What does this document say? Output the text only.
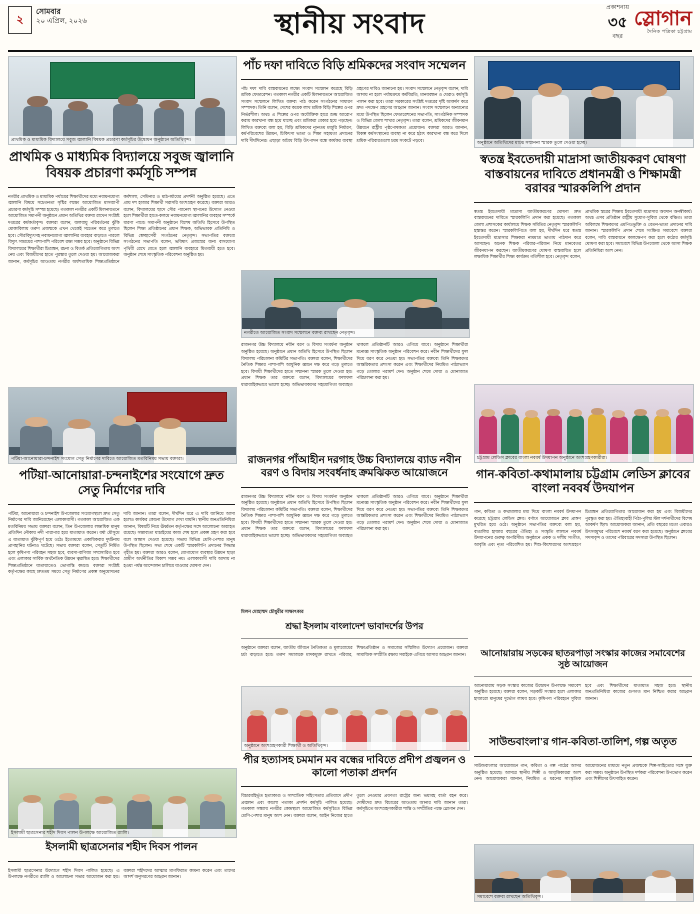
২
সোমবার
২০ এপ্রিল, ২০২৬	স্থানীয় সংবাদ
প্রকাশনায়
৩৫
বছর
স্লোগান
দৈনিক পত্রিকা চট্টগ্রাম
প্রাথমিক ও মাধ্যমিক বিদ্যালয়ে সবুজ জ্বালানি বিষয়ক প্রচারণা কর্মসূচির উদ্বোধন অনুষ্ঠানে অতিথিবৃন্দ।
প্রাথমিক ও মাধ্যমিক বিদ্যালয়ে সবুজ জ্বালানি বিষয়ক প্রচারণা কর্মসূচি সম্পন্ন
নগরীর প্রাথমিক ও মাধ্যমিক পর্যায়ের শিক্ষার্থীদের মধ্যে নবায়নযোগ্য জ্বালানি বিষয়ে সচেতনতা সৃষ্টির লক্ষ্যে আয়োজিত মাসব্যাপী প্রচারণা কর্মসূচি সম্পন্ন হয়েছে। গতকাল নগরীর একটি মিলনায়তনে আয়োজিত সমাপনী অনুষ্ঠানে প্রধান অতিথির বক্তব্য রাখেন সংশ্লিষ্ট দপ্তরের কর্মকর্তাবৃন্দ। বক্তারা বলেন, জলবায়ু পরিবর্তনের ঝুঁকি মোকাবিলায় তরুণ প্রজন্মকে এখন থেকেই সচেতন করে তুলতে হবে। সৌরবিদ্যুৎসহ নবায়নযোগ্য জ্বালানির ব্যবহার বাড়াতে পারলে বিদ্যুৎ সাশ্রয়ের পাশাপাশি পরিবেশ রক্ষা সম্ভব হবে। অনুষ্ঠানে বিভিন্ন বিদ্যালয়ের শিক্ষার্থীরা চিত্রাঙ্কন, রচনা ও বিতর্ক প্রতিযোগিতায় অংশ নেয় এবং বিজয়ীদের হাতে পুরস্কার তুলে দেওয়া হয়। আয়োজকরা জানান, কর্মসূচির আওতায় নগরীর অর্ধশতাধিক শিক্ষাপ্রতিষ্ঠানে কর্মশালা, সেমিনার ও মাঠপর্যায়ের প্রদর্শনী অনুষ্ঠিত হয়েছে। এতে প্রায় দশ হাজার শিক্ষার্থী সরাসরি অংশগ্রহণ করেছে। বক্তারা আরও বলেন, বিদ্যালয়ের ছাদে সৌর প্যানেল স্থাপনের উদ্যোগ নেওয়া হলে শিক্ষার্থীরা হাতে-কলমে নবায়নযোগ্য জ্বালানির ব্যবহার সম্পর্কে ধারণা পাবে। সমাপনী অনুষ্ঠানে বিশেষ অতিথি হিসেবে উপস্থিত ছিলেন শিক্ষা প্রতিষ্ঠানের প্রধান শিক্ষক, অভিভাবক প্রতিনিধি ও বিভিন্ন স্বেচ্ছাসেবী সংগঠনের নেতৃবৃন্দ। সভাপতির বক্তব্যে সংগঠনের সভাপতি বলেন, ভবিষ্যৎ প্রজন্মের জন্য বাসযোগ্য পৃথিবী রেখে যেতে হলে জ্বালানি ব্যবহারে মিতব্যয়ী হতে হবে। অনুষ্ঠান শেষে সাংস্কৃতিক পরিবেশনা অনুষ্ঠিত হয়।
পটিয়া-আনোয়ারা-চন্দনাইশ সংযোগ সেতু নির্মাণের দাবিতে আয়োজিত মতবিনিময় সভায় বক্তারা।
পটিয়া-আনোয়ারা-চন্দনাইশের সংযোগে দ্রুত সেতু নির্মাণের দাবি
পটিয়া, আনোয়ারা ও চন্দনাইশ উপজেলার সংযোগস্থলে দ্রুত সেতু নির্মাণের দাবি জানিয়েছেন এলাকাবাসী। গতকাল আয়োজিত এক মতবিনিময় সভায় বক্তারা বলেন, তিন উপজেলার লক্ষাধিক মানুষ প্রতিদিন নৌকায় নদী পারাপার হয়ে যাতায়াত করেন। বর্ষা মৌসুমে এ যাতায়াত ঝুঁকিপূর্ণ হয়ে ওঠে। ইতোমধ্যে একাধিকবার দুর্ঘটনায় প্রাণহানির ঘটনাও ঘটেছে। সভায় বক্তারা বলেন, সেতুটি নির্মিত হলে কৃষিপণ্য পরিবহন সহজ হবে, ব্যবসা-বাণিজ্য সম্প্রসারিত হবে এবং এলাকার সার্বিক অর্থনৈতিক উন্নয়ন ত্বরান্বিত হবে। শিক্ষার্থীদের শিক্ষাপ্রতিষ্ঠানে যাতায়াতেও ভোগান্তি কমবে। বক্তারা সংশ্লিষ্ট কর্তৃপক্ষের কাছে দ্রুততম সময়ে সেতু নির্মাণের প্রকল্প অনুমোদনের দাবি জানান। তারা বলেন, দীর্ঘদিন ধরে এ দাবি জানিয়ে আসা হলেও কার্যকর কোনো উদ্যোগ দেখা যায়নি। স্থানীয় জনপ্রতিনিধিরা জানান, বিষয়টি নিয়ে ঊর্ধ্বতন কর্তৃপক্ষের সঙ্গে আলোচনা অব্যাহত রয়েছে। সম্ভাব্যতা যাচাইয়ের কাজ শেষ হলে প্রকল্প গ্রহণ করা হবে বলে আশ্বাস দেওয়া হয়েছে। সভায় বিভিন্ন শ্রেণি-পেশার মানুষ উপস্থিত ছিলেন। সভা শেষে একটি স্মারকলিপি প্রদানের সিদ্ধান্ত গৃহীত হয়। বক্তারা আরও বলেন, যোগাযোগ ব্যবস্থার উন্নয়ন ছাড়া গ্রামীণ অর্থনীতির বিকাশ সম্ভব নয়। এলাকাবাসী দাবি আদায় না হওয়া পর্যন্ত আন্দোলন চালিয়ে যাওয়ার ঘোষণা দেন।
ইসলামী ছাত্রসেনার শহীদ দিবস পালন উপলক্ষে আয়োজিত র‌্যালি।
ইসলামী ছাত্রসেনার শহীদ দিবস পালন
ইসলামী ছাত্রসেনার উদ্যোগে শহীদ দিবস পালিত হয়েছে। এ উপলক্ষে নগরীতে র‌্যালি ও আলোচনা সভার আয়োজন করা হয়। বক্তারা শহীদদের আত্মার মাগফিরাত কামনা করেন এবং তাদের আদর্শ অনুসরণের আহ্বান জানান।
পাঁচ দফা দাবিতে বিড়ি শ্রমিকদের সংবাদ সম্মেলন
পাঁচ দফা দাবি বাস্তবায়নের লক্ষ্যে সংবাদ সম্মেলন করেছে বিড়ি শ্রমিক ফেডারেশন। গতকাল নগরীর একটি মিলনায়তনে আয়োজিত সংবাদ সম্মেলনে লিখিত বক্তব্য পাঠ করেন সংগঠনের সাধারণ সম্পাদক। তিনি বলেন, দেশের কয়েক লাখ শ্রমিক বিড়ি শিল্পের ওপর নির্ভরশীল। অথচ এ শিল্পের ওপর অযৌক্তিক হারে শুল্ক আরোপ করায় কারখানা বন্ধ হয়ে যাচ্ছে এবং শ্রমিকরা বেকার হয়ে পড়ছেন। লিখিত বক্তব্যে বলা হয়, বিড়ি শ্রমিকদের ন্যূনতম মজুরি নির্ধারণ, কর্মপরিবেশের উন্নয়ন, চিকিৎসা ভাতা ও শিক্ষা সহায়তা প্রদানের দাবি দীর্ঘদিনের। এছাড়া অবৈধ বিড়ি উৎপাদন বন্ধে কার্যকর ব্যবস্থা গ্রহণের দাবিও জানানো হয়। সংবাদ সম্মেলনে নেতৃবৃন্দ বলেন, দাবি আদায় না হলে পর্যায়ক্রমে কর্মবিরতি, মানববন্ধন ও ঘেরাও কর্মসূচি পালন করা হবে। তারা সরকারের সংশ্লিষ্ট দপ্তরের দৃষ্টি আকর্ষণ করে দ্রুত পদক্ষেপ গ্রহণের আহ্বান জানান। সংবাদ সম্মেলনে অন্যান্যের মধ্যে উপস্থিত ছিলেন ফেডারেশনের সভাপতি, সাংগঠনিক সম্পাদক ও বিভিন্ন জেলা শাখার নেতৃবৃন্দ। তারা বলেন, শ্রমিকদের জীবনমান উন্নয়নে রাষ্ট্রীয় পৃষ্ঠপোষকতা প্রয়োজন। বক্তারা আরও জানান, বিকল্প কর্মসংস্থানের ব্যবস্থা না করে হঠাৎ কারখানা বন্ধ করে দিলে শ্রমিক পরিবারগুলো চরম সংকটে পড়বে।
নগরীতে আয়োজিত সংবাদ সম্মেলনে বক্তব্য রাখছেন নেতৃবৃন্দ।
রাজনগর উচ্চ বিদ্যালয়ে নবীন বরণ ও বিদায় সংবর্ধনা অনুষ্ঠান অনুষ্ঠিত হয়েছে। অনুষ্ঠানে প্রধান অতিথি হিসেবে উপস্থিত ছিলেন বিদ্যালয় পরিচালনা কমিটির সভাপতি। বক্তারা বলেন, শিক্ষার্থীদের নৈতিক শিক্ষার পাশাপাশি আধুনিক জ্ঞানে দক্ষ করে গড়ে তুলতে হবে। বিদায়ী শিক্ষার্থীদের হাতে সম্মাননা স্মারক তুলে দেওয়া হয়। প্রধান শিক্ষক তার বক্তব্যে বলেন, বিদ্যালয়ের ফলাফল ধারাবাহিকভাবে ভালো হচ্ছে। অভিভাবকদের সহযোগিতা অব্যাহত থাকলে প্রতিষ্ঠানটি আরও এগিয়ে যাবে। অনুষ্ঠানে শিক্ষার্থীরা মনোজ্ঞ সাংস্কৃতিক অনুষ্ঠান পরিবেশন করে। নবীন শিক্ষার্থীদের ফুল দিয়ে বরণ করে নেওয়া হয়। সভাপতির বক্তব্যে তিনি শিক্ষকদের আন্তরিকতার প্রশংসা করেন এবং শিক্ষার্থীদের নিয়মিত পাঠ্যাভ্যাস গড়ে তোলার পরামর্শ দেন। অনুষ্ঠান শেষে দোয়া ও মোনাজাত পরিচালনা করা হয়।
রাজনগর পাঁআহীন দরগাহ উচ্চ বিদ্যালয়ে ব্যাড নবীন বরণ ও বিদায় সংবর্ধনাহ ক্রমঝিকত আয়োজনে
রাজনগর উচ্চ বিদ্যালয়ে নবীন বরণ ও বিদায় সংবর্ধনা অনুষ্ঠান অনুষ্ঠিত হয়েছে। অনুষ্ঠানে প্রধান অতিথি হিসেবে উপস্থিত ছিলেন বিদ্যালয় পরিচালনা কমিটির সভাপতি। বক্তারা বলেন, শিক্ষার্থীদের নৈতিক শিক্ষার পাশাপাশি আধুনিক জ্ঞানে দক্ষ করে গড়ে তুলতে হবে। বিদায়ী শিক্ষার্থীদের হাতে সম্মাননা স্মারক তুলে দেওয়া হয়। প্রধান শিক্ষক তার বক্তব্যে বলেন, বিদ্যালয়ের ফলাফল ধারাবাহিকভাবে ভালো হচ্ছে। অভিভাবকদের সহযোগিতা অব্যাহত থাকলে প্রতিষ্ঠানটি আরও এগিয়ে যাবে। অনুষ্ঠানে শিক্ষার্থীরা মনোজ্ঞ সাংস্কৃতিক অনুষ্ঠান পরিবেশন করে। নবীন শিক্ষার্থীদের ফুল দিয়ে বরণ করে নেওয়া হয়। সভাপতির বক্তব্যে তিনি শিক্ষকদের আন্তরিকতার প্রশংসা করেন এবং শিক্ষার্থীদের নিয়মিত পাঠ্যাভ্যাস গড়ে তোলার পরামর্শ দেন। অনুষ্ঠান শেষে দোয়া ও মোনাজাত পরিচালনা করা হয়।
মিলন মোহাম্মদ চৌধুরীর সাক্ষাৎকার
শ্রদ্ধা ইসলাম বাংলাদেশ ভাবাদর্শের উপর
অনুষ্ঠানে বক্তারা বলেন, জাতীয় জীবনে নৈতিকতা ও মূল্যবোধের চর্চা বাড়াতে হবে। তরুণ সমাজকে মাদকমুক্ত রাখতে পরিবার, শিক্ষাপ্রতিষ্ঠান ও সমাজের সম্মিলিত উদ্যোগ প্রয়োজন। বক্তারা সামাজিক সম্প্রীতি রক্ষায় সবাইকে এগিয়ে আসার আহ্বান জানান।
অনুষ্ঠানে অংশগ্রহণকারী শিক্ষার্থী ও অতিথিবৃন্দ।
পীর হত্যাসহ চমমান মব বন্ধের দাবিতে প্রদীপ প্রজ্বলন ও কালো পতাকা প্রদর্শন
বিচারবহির্ভূত হত্যাকাণ্ড ও সাম্প্রতিক সহিংসতার প্রতিবাদে প্রদীপ প্রজ্বলন এবং কালো পতাকা প্রদর্শন কর্মসূচি পালিত হয়েছে। গতকাল সন্ধ্যায় নগরীর কেন্দ্রস্থলে আয়োজিত কর্মসূচিতে বিভিন্ন শ্রেণি-পেশার মানুষ অংশ নেন। বক্তারা বলেন, আইন নিজের হাতে তুলে নেওয়ার প্রবণতা রাষ্ট্রের জন্য ভয়াবহ বার্তা বহন করে। দোষীদের দ্রুত বিচারের আওতায় আনার দাবি জানান তারা। কর্মসূচিতে অংশগ্রহণকারীরা শান্তি ও সম্প্রীতির পক্ষে স্লোগান দেন।
অনুষ্ঠানে অতিথিদের মাঝে সম্মাননা স্মারক তুলে দেওয়া হচ্ছে।
স্বতন্ত্র ইবতেদায়ী মাদ্রাসা জাতীয়করণ ঘোষণা বাস্তবায়নের দাবিতে প্রধানমন্ত্রী ও শিক্ষামন্ত্রী বরাবর স্মারকলিপি প্রদান
স্বতন্ত্র ইবতেদায়ী মাদ্রাসা জাতীয়করণের ঘোষণা দ্রুত বাস্তবায়নের দাবিতে স্মারকলিপি প্রদান করা হয়েছে। গতকাল জেলা প্রশাসকের কার্যালয়ে শিক্ষক সমিতির নেতৃবৃন্দ স্মারকলিপি হস্তান্তর করেন। স্মারকলিপিতে বলা হয়, দীর্ঘদিন ধরে স্বতন্ত্র ইবতেদায়ী মাদ্রাসার শিক্ষকরা নামমাত্র ভাতায় পাঠদান করে আসছেন। অনেক শিক্ষক পরিবার-পরিজন নিয়ে মানবেতর জীবনযাপন করছেন। জাতীয়করণের ঘোষণা বাস্তবায়িত হলে লক্ষাধিক শিক্ষার্থীর শিক্ষা কার্যক্রম গতিশীল হবে। নেতৃবৃন্দ বলেন, প্রাথমিক স্তরের শিক্ষায় ইবতেদায়ী মাদ্রাসার অবদান অনস্বীকার্য। অথচ এসব প্রতিষ্ঠান রাষ্ট্রীয় সুযোগ-সুবিধা থেকে বঞ্চিত। তারা অবিলম্বে শিক্ষকদের এমপিওভুক্তি ও বেতন-ভাতা প্রদানের দাবি জানান। স্মারকলিপি প্রদান শেষে সংক্ষিপ্ত সমাবেশে বক্তারা বলেন, দাবি বাস্তবায়নে কালক্ষেপণ করা হলে কঠোর কর্মসূচি ঘোষণা করা হবে। সমাবেশে বিভিন্ন উপজেলা থেকে আসা শিক্ষক প্রতিনিধিরা অংশ নেন।
চট্টগ্রাম লেডিস ক্লাবের বাংলা নববর্ষ উদযাপন অনুষ্ঠানে অংশগ্রহণকারীরা।
গান-কবিতা-কথামালায় চট্টগ্রাম লেডিস ক্লাবের বাংলা নববর্ষ উদযাপন
গান, কবিতা ও কথামালার মধ্য দিয়ে বাংলা নববর্ষ উদযাপন করেছে চট্টগ্রাম লেডিস ক্লাব। বর্ণাঢ্য আয়োজনে ক্লাব প্রাঙ্গণ মুখরিত হয়ে ওঠে। অনুষ্ঠানে সভাপতির বক্তব্যে বলা হয়, বাঙালির হাজার বছরের ঐতিহ্য ও সংস্কৃতি লালনে নববর্ষ উদযাপনের গুরুত্ব অপরিসীম। অনুষ্ঠানে একক ও দলীয় সংগীত, আবৃত্তি এবং নৃত্য পরিবেশিত হয়। শিশু-কিশোরদের অংশগ্রহণে চিত্রাঙ্কন প্রতিযোগিতার আয়োজন করা হয় এবং বিজয়ীদের পুরস্কৃত করা হয়। ঐতিহ্যবাহী পিঠা-পুলির স্টল দর্শনার্থীদের বিশেষ আকর্ষণ ছিল। আয়োজকরা জানান, প্রতি বছরের মতো এবারও উৎসবমুখর পরিবেশে নববর্ষ বরণ করা হয়েছে। অনুষ্ঠানে ক্লাবের সদস্যবৃন্দ ও তাদের পরিবারের সদস্যরা উপস্থিত ছিলেন।
আনোয়ারায় সড়কের ছাতরপাড়া সংস্কার কাজের সমাবেশের সুষ্ঠ আয়োজন
আনোয়ারায় সড়ক সংস্কার কাজের উদ্বোধন উপলক্ষে সমাবেশ অনুষ্ঠিত হয়েছে। বক্তারা বলেন, সড়কটি সংস্কার হলে এলাকার হাজারো মানুষের দুর্ভোগ লাঘব হবে। কৃষিপণ্য পরিবহনে সুবিধা হবে এবং শিক্ষার্থীদের যাতায়াত সহজ হবে। স্থানীয় জনপ্রতিনিধিরা কাজের গুণগত মান নিশ্চিত করার আহ্বান জানান।
সাউন্ডবাংলা'র গান-কবিতা-তালিশ, গল্প অতৃত
সাউন্ডবাংলার আয়োজনে গান, কবিতা ও গল্প পাঠের আসর অনুষ্ঠিত হয়েছে। আসরে স্থানীয় শিল্পী ও আবৃত্তিকাররা অংশ নেন। আয়োজকরা জানান, নিয়মিত এ ধরনের সাংস্কৃতিক আয়োজনের মাধ্যমে নতুন প্রজন্মকে শিল্প-সাহিত্যের সঙ্গে যুক্ত করা সম্ভব। অনুষ্ঠানে উপস্থিত দর্শকরা পরিবেশনা উপভোগ করেন এবং শিল্পীদের উৎসাহিত করেন।
সমাবেশে বক্তব্য রাখছেন অতিথিবৃন্দ।
